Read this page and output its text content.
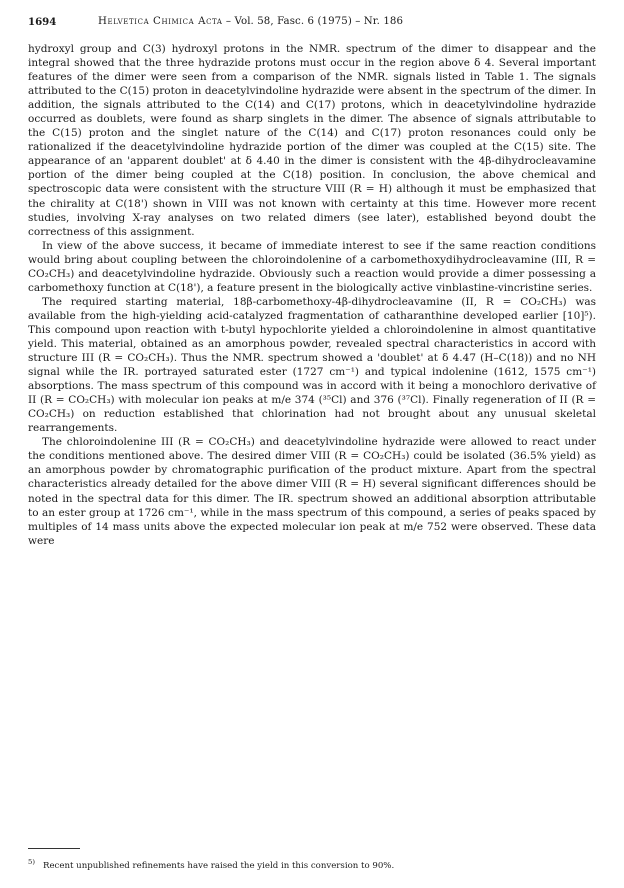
1694	Helvetica Chimica Acta – Vol. 58, Fasc. 6 (1975) – Nr. 186

hydroxyl group and C(3) hydroxyl protons in the NMR. spectrum of the dimer to disappear and the integral showed that the three hydrazide protons must occur in the region above δ 4. Several important features of the dimer were seen from a comparison of the NMR. signals listed in Table 1. The signals attributed to the C(15) proton in deacetylvindoline hydrazide were absent in the spectrum of the dimer. In addition, the signals attributed to the C(14) and C(17) protons, which in deacetylvindoline hydrazide occurred as doublets, were found as sharp singlets in the dimer. The absence of signals attributable to the C(15) proton and the singlet nature of the C(14) and C(17) proton resonances could only be rationalized if the deacetylvindoline hydrazide portion of the dimer was coupled at the C(15) site. The appearance of an 'apparent doublet' at δ 4.40 in the dimer is consistent with the 4β-dihydrocleavamine portion of the dimer being coupled at the C(18) position. In conclusion, the above chemical and spectroscopic data were consistent with the structure VIII (R = H) although it must be emphasized that the chirality at C(18') shown in VIII was not known with certainty at this time. However more recent studies, involving X-ray analyses on two related dimers (see later), established beyond doubt the correctness of this assignment.

In view of the above success, it became of immediate interest to see if the same reaction conditions would bring about coupling between the chloroindolenine of a carbomethoxydihydrocleavamine (III, R = CO₂CH₃) and deacetylvindoline hydrazide. Obviously such a reaction would provide a dimer possessing a carbomethoxy function at C(18'), a feature present in the biologically active vinblastine-vincristine series.

The required starting material, 18β-carbomethoxy-4β-dihydrocleavamine (II, R = CO₂CH₃) was available from the high-yielding acid-catalyzed fragmentation of catharanthine developed earlier [10]⁵). This compound upon reaction with t-butyl hypochlorite yielded a chloroindolenine in almost quantitative yield. This material, obtained as an amorphous powder, revealed spectral characteristics in accord with structure III (R = CO₂CH₃). Thus the NMR. spectrum showed a 'doublet' at δ 4.47 (H–C(18)) and no NH signal while the IR. portrayed saturated ester (1727 cm⁻¹) and typical indolenine (1612, 1575 cm⁻¹) absorptions. The mass spectrum of this compound was in accord with it being a monochloro derivative of II (R = CO₂CH₃) with molecular ion peaks at m/e 374 (³⁵Cl) and 376 (³⁷Cl). Finally regeneration of II (R = CO₂CH₃) on reduction established that chlorination had not brought about any unusual skeletal rearrangements.

The chloroindolenine III (R = CO₂CH₃) and deacetylvindoline hydrazide were allowed to react under the conditions mentioned above. The desired dimer VIII (R = CO₂CH₃) could be isolated (36.5% yield) as an amorphous powder by chromatographic purification of the product mixture. Apart from the spectral characteristics already detailed for the above dimer VIII (R = H) several significant differences should be noted in the spectral data for this dimer. The IR. spectrum showed an additional absorption attributable to an ester group at 1726 cm⁻¹, while in the mass spectrum of this compound, a series of peaks spaced by multiples of 14 mass units above the expected molecular ion peak at m/e 752 were observed. These data were

$^{5)}$ Recent unpublished refinements have raised the yield in this conversion to 90%.
